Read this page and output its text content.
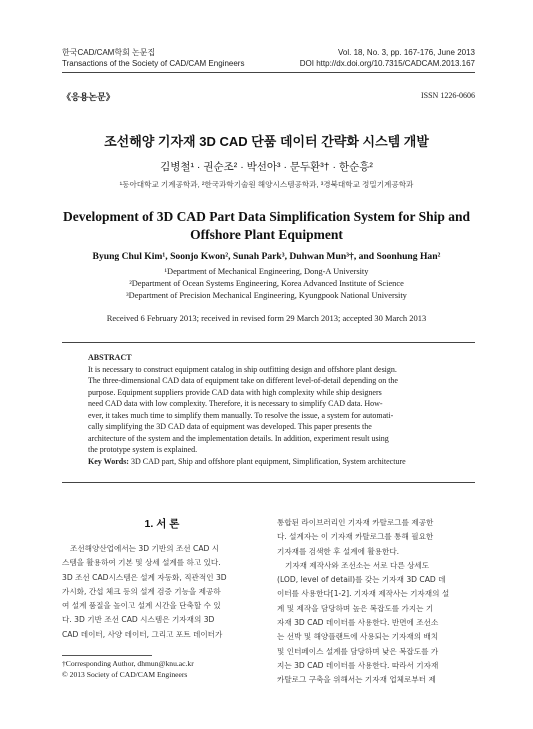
한국CAD/CAM학회 논문집
Transactions of the Society of CAD/CAM Engineers
Vol. 18, No. 3, pp. 167-176, June 2013
DOI http://dx.doi.org/10.7315/CADCAM.2013.167
《응용논문》	ISSN 1226-0606
조선해양 기자재 3D CAD 단품 데이터 간략화 시스템 개발
김병철¹ · 권순조² · 박선아³ · 문두환³† · 한순흥²
¹동아대학교 기계공학과, ²한국과학기술원 해양시스템공학과, ³경북대학교 정밀기계공학과
Development of 3D CAD Part Data Simplification System for Ship and
Offshore Plant Equipment
Byung Chul Kim¹, Soonjo Kwon², Sunah Park³, Duhwan Mun³†, and Soonhung Han²
¹Department of Mechanical Engineering, Dong-A University
²Department of Ocean Systems Engineering, Korea Advanced Institute of Science
³Department of Precision Mechanical Engineering, Kyungpook National University
Received 6 February 2013; received in revised form 29 March 2013; accepted 30 March 2013
ABSTRACT
It is necessary to construct equipment catalog in ship outfitting design and offshore plant design.
The three-dimensional CAD data of equipment take on different level-of-detail depending on the
purpose. Equipment suppliers provide CAD data with high complexity while ship designers
need CAD data with low complexity. Therefore, it is necessary to simplify CAD data. How-
ever, it takes much time to simplify them manually. To resolve the issue, a system for automati-
cally simplifying the 3D CAD data of equipment was developed. This paper presents the
architecture of the system and the implementation details. In addition, experiment result using
the prototype system is explained.
Key Words: 3D CAD part, Ship and offshore plant equipment, Simplification, System architecture
1. 서 론
조선해양산업에서는 3D 기반의 조선 CAD 시
스템을 활용하여 기본 및 상세 설계를 하고 있다.
3D 조선 CAD시스템은 설계 자동화, 직관적인 3D
가시화, 간섭 체크 등의 설계 검증 기능을 제공하
여 설계 품질을 높이고 설계 시간을 단축할 수 있
다. 3D 기반 조선 CAD 시스템은 기자재의 3D
CAD 데이터, 사양 데이터, 그리고 포트 데이터가
†Corresponding Author, dhmun@knu.ac.kr
© 2013 Society of CAD/CAM Engineers
통합된 라이브러리인 기자재 카탈로그를 제공한
다. 설계자는 이 기자재 카탈로그를 통해 필요한
기자재를 검색한 후 설계에 활용한다.
기자재 제작사와 조선소는 서로 다른 상세도
(LOD, level of detail)를 갖는 기자재 3D CAD 데
이터를 사용한다[1-2]. 기자재 제작사는 기자재의 설
계 및 제작을 담당하며 높은 복잡도를 가지는 기
자재 3D CAD 데이터를 사용한다. 반면에 조선소
는 선박 및 해양플랜트에 사용되는 기자재의 배치
및 인터페이스 설계를 담당하며 낮은 복잡도를 가
지는 3D CAD 데이터를 사용한다. 따라서 기자재
카탈로그 구축을 위해서는 기자재 업체로부터 제
